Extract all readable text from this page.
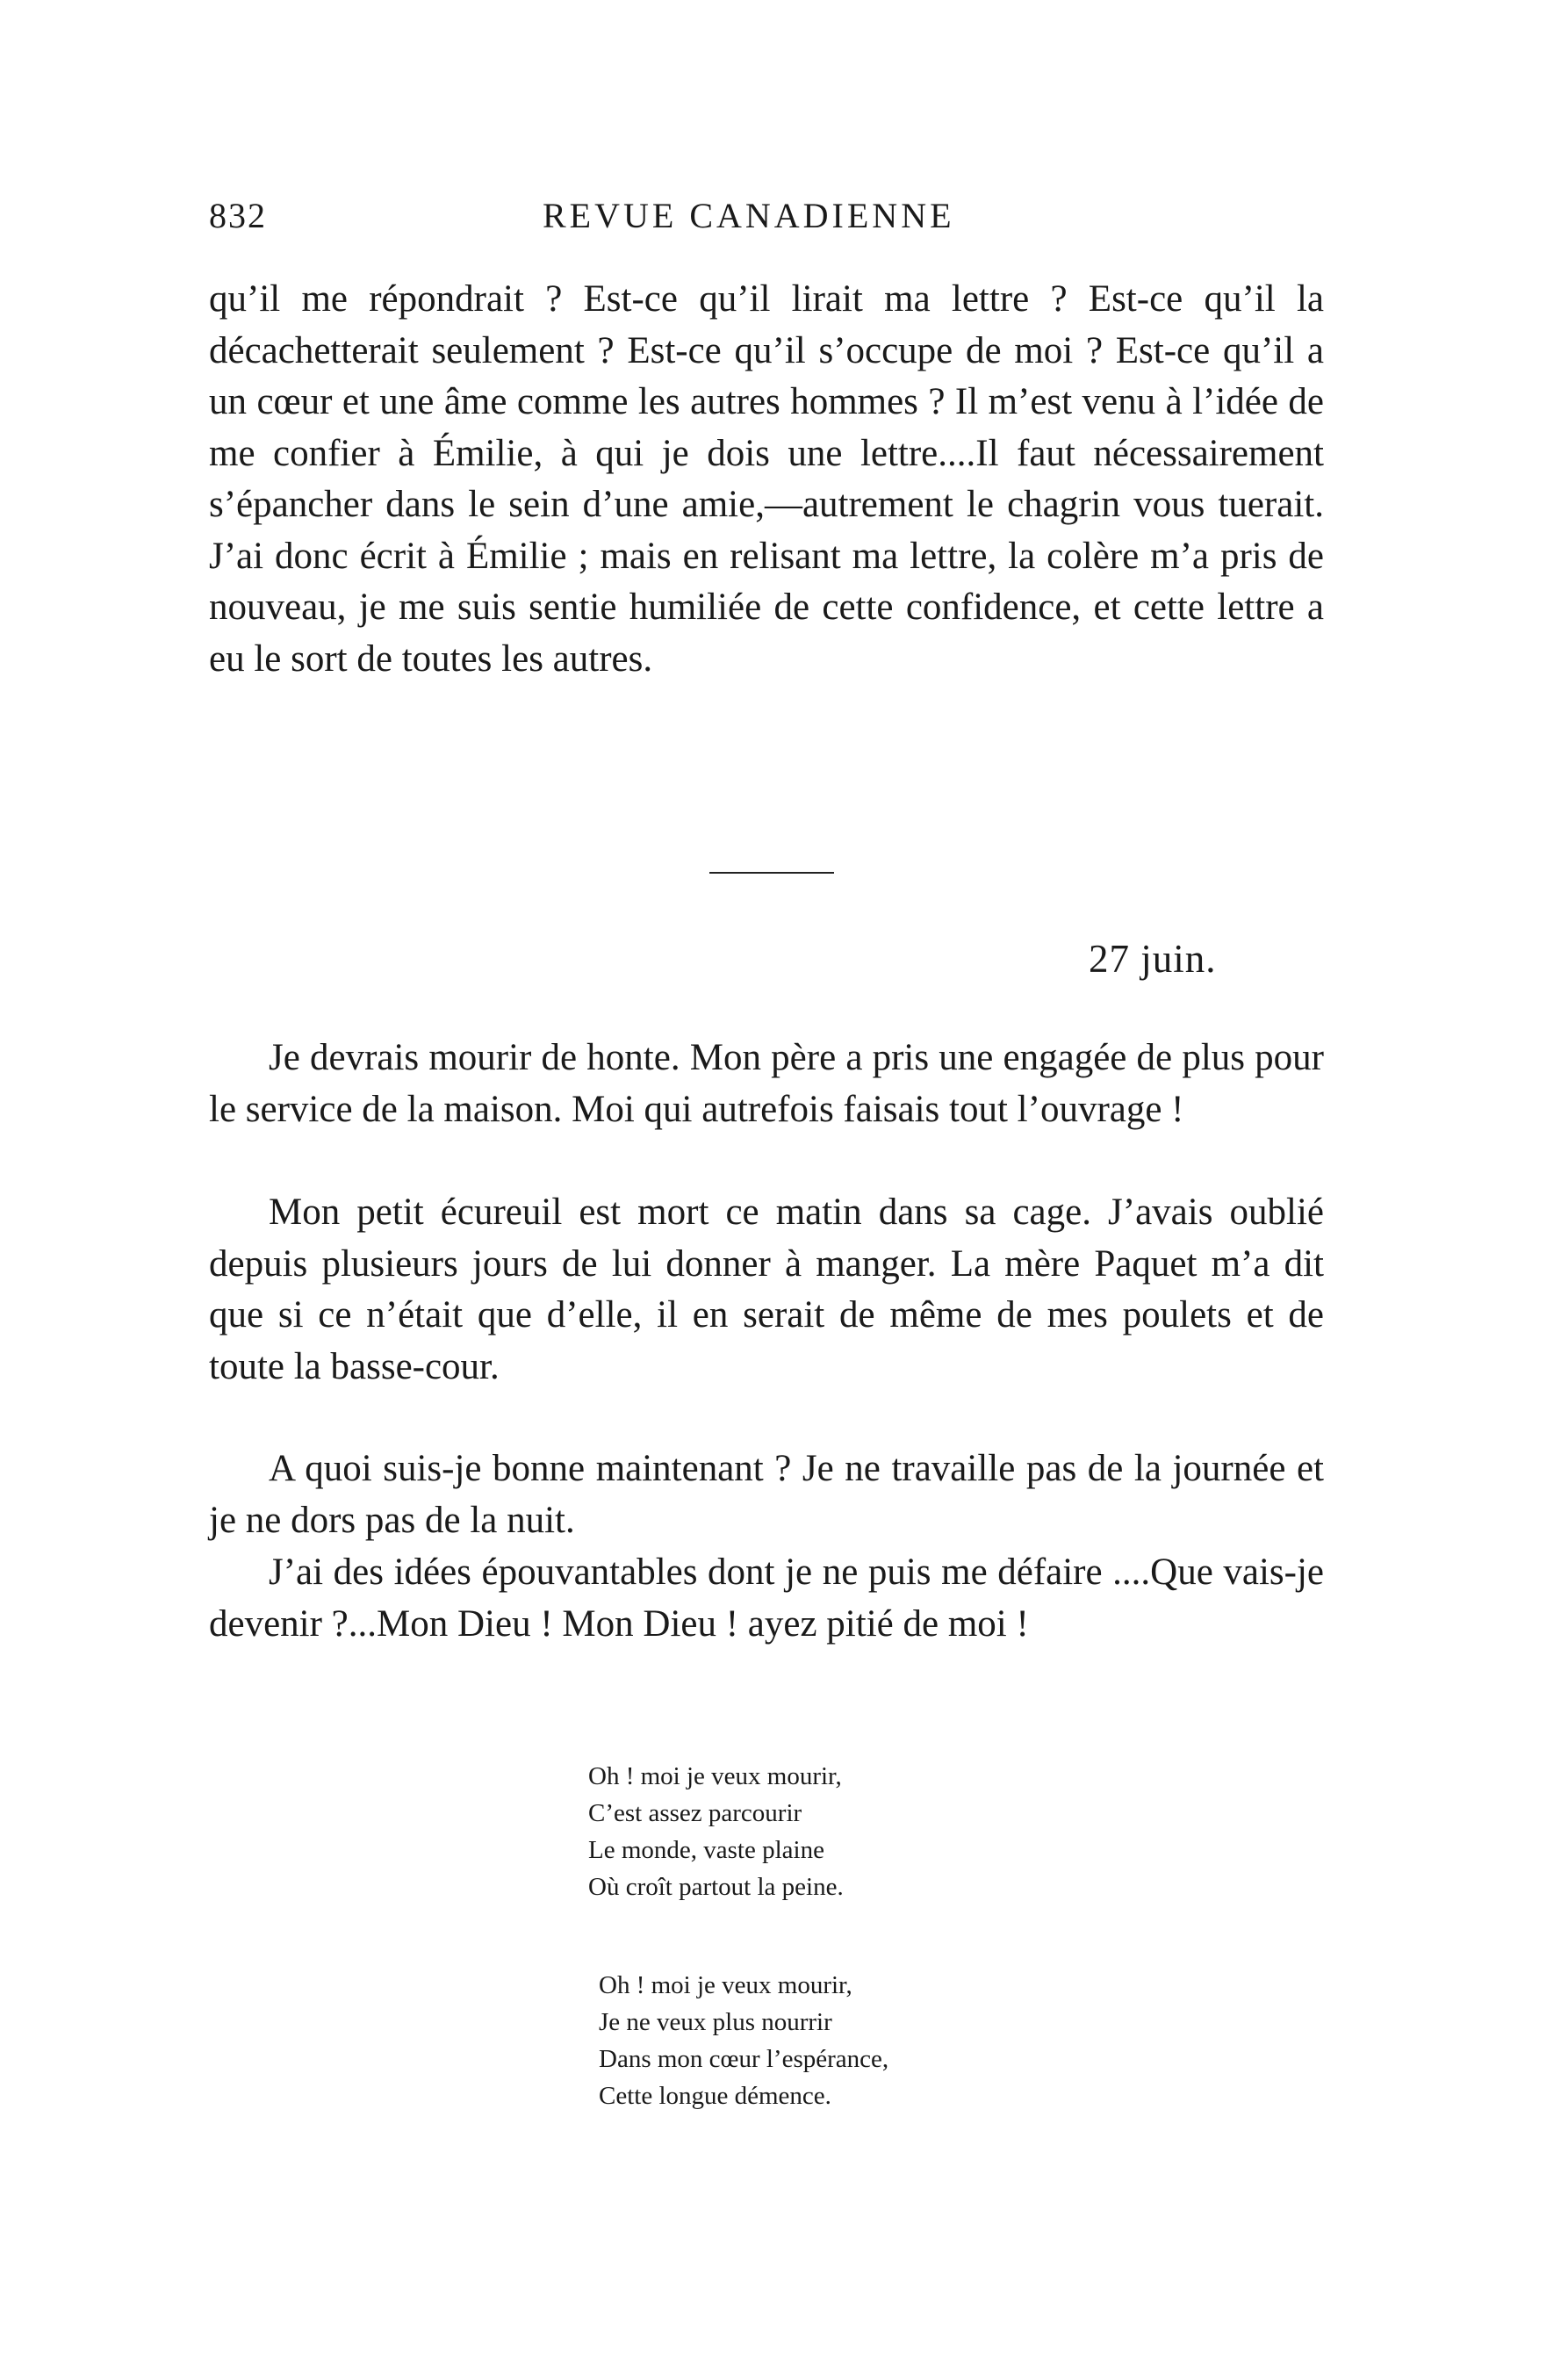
832	REVUE CANADIENNE

qu’il me répondrait ? Est-ce qu’il lirait ma lettre ? Est-ce qu’il la décachetterait seulement ? Est-ce qu’il s’occupe de moi ? Est-ce qu’il a un cœur et une âme comme les autres hommes ? Il m’est venu à l’idée de me confier à Émilie, à qui je dois une lettre....Il faut nécessairement s’épancher dans le sein d’une amie,—autrement le chagrin vous tuerait. J’ai donc écrit à Émilie ; mais en relisant ma lettre, la colère m’a pris de nouveau, je me suis sentie humiliée de cette confidence, et cette lettre a eu le sort de toutes les autres.

27 juin.

Je devrais mourir de honte. Mon père a pris une engagée de plus pour le service de la maison. Moi qui autrefois faisais tout l’ouvrage !

Mon petit écureuil est mort ce matin dans sa cage. J’avais oublié depuis plusieurs jours de lui donner à manger. La mère Paquet m’a dit que si ce n’était que d’elle, il en serait de même de mes poulets et de toute la basse-cour.

A quoi suis-je bonne maintenant ? Je ne travaille pas de la journée et je ne dors pas de la nuit.

J’ai des idées épouvantables dont je ne puis me défaire ....Que vais-je devenir ?...Mon Dieu ! Mon Dieu ! ayez pitié de moi !

Oh ! moi je veux mourir,
C’est assez parcourir
Le monde, vaste plaine
Où croît partout la peine.
Oh ! moi je veux mourir,
Je ne veux plus nourrir
Dans mon cœur l’espérance,
Cette longue démence.
